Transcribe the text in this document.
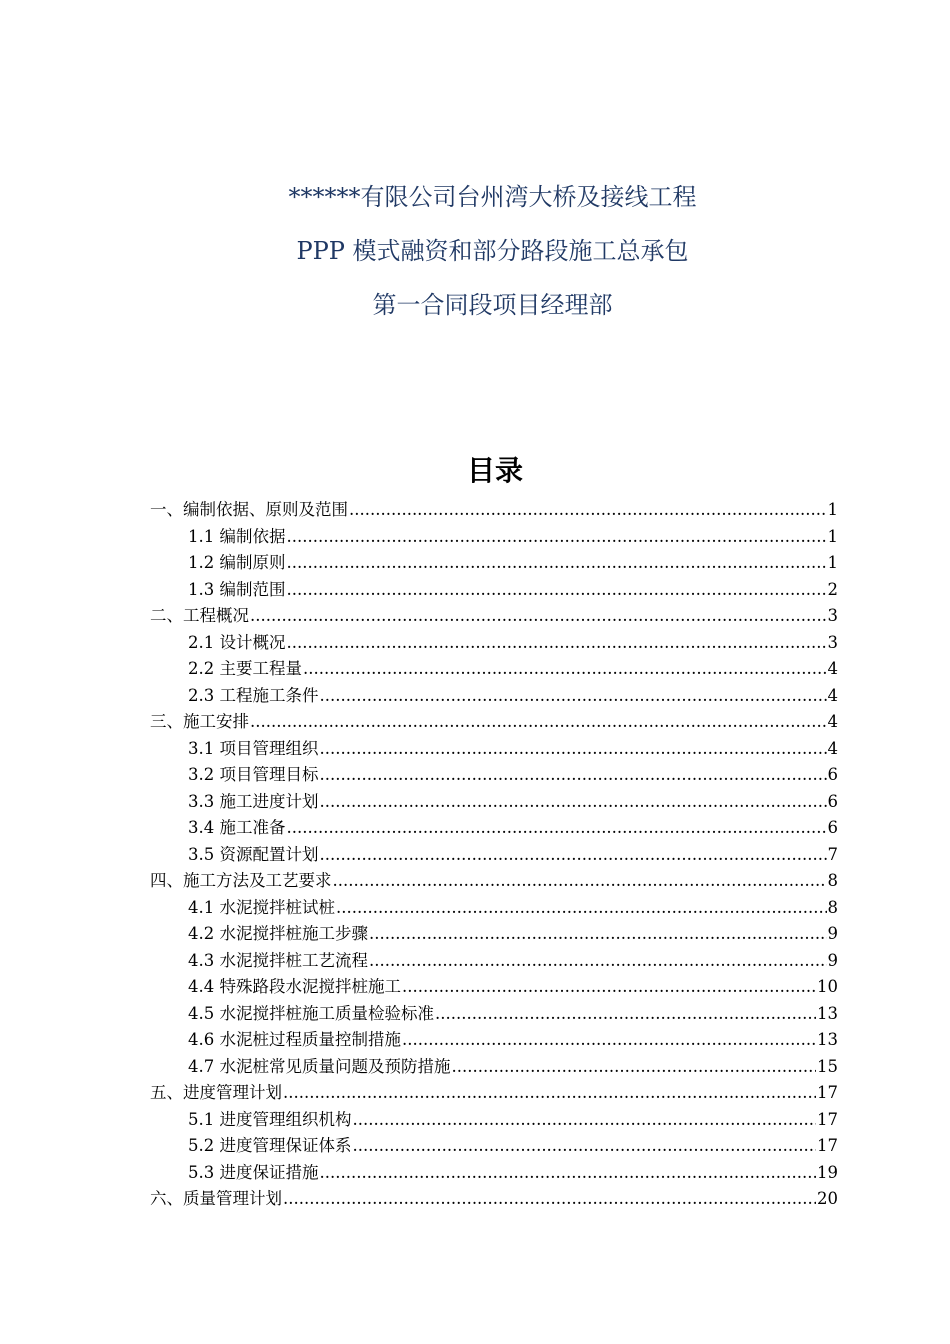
******有限公司台州湾大桥及接线工程

PPP 模式融资和部分路段施工总承包

第一合同段项目经理部

目录
一、编制依据、原则及范围 .....	1
1.1 编制依据 .....	1
1.2 编制原则 .....	1
1.3 编制范围 .....	2
二、工程概况 .....	3
2.1 设计概况 .....	3
2.2 主要工程量 .....	4
2.3 工程施工条件 .....	4
三、施工安排 .....	4
3.1 项目管理组织 .....	4
3.2 项目管理目标 .....	6
3.3 施工进度计划 .....	6
3.4 施工准备 .....	6
3.5 资源配置计划 .....	7
四、施工方法及工艺要求 .....	8
4.1 水泥搅拌桩试桩 .....	8
4.2 水泥搅拌桩施工步骤 .....	9
4.3 水泥搅拌桩工艺流程 .....	9
4.4 特殊路段水泥搅拌桩施工 .....	10
4.5 水泥搅拌桩施工质量检验标准 .....	13
4.6 水泥桩过程质量控制措施 .....	13
4.7 水泥桩常见质量问题及预防措施 .....	15
五、进度管理计划 .....	17
5.1 进度管理组织机构 .....	17
5.2 进度管理保证体系 .....	17
5.3 进度保证措施 .....	19
六、质量管理计划 .....	20
